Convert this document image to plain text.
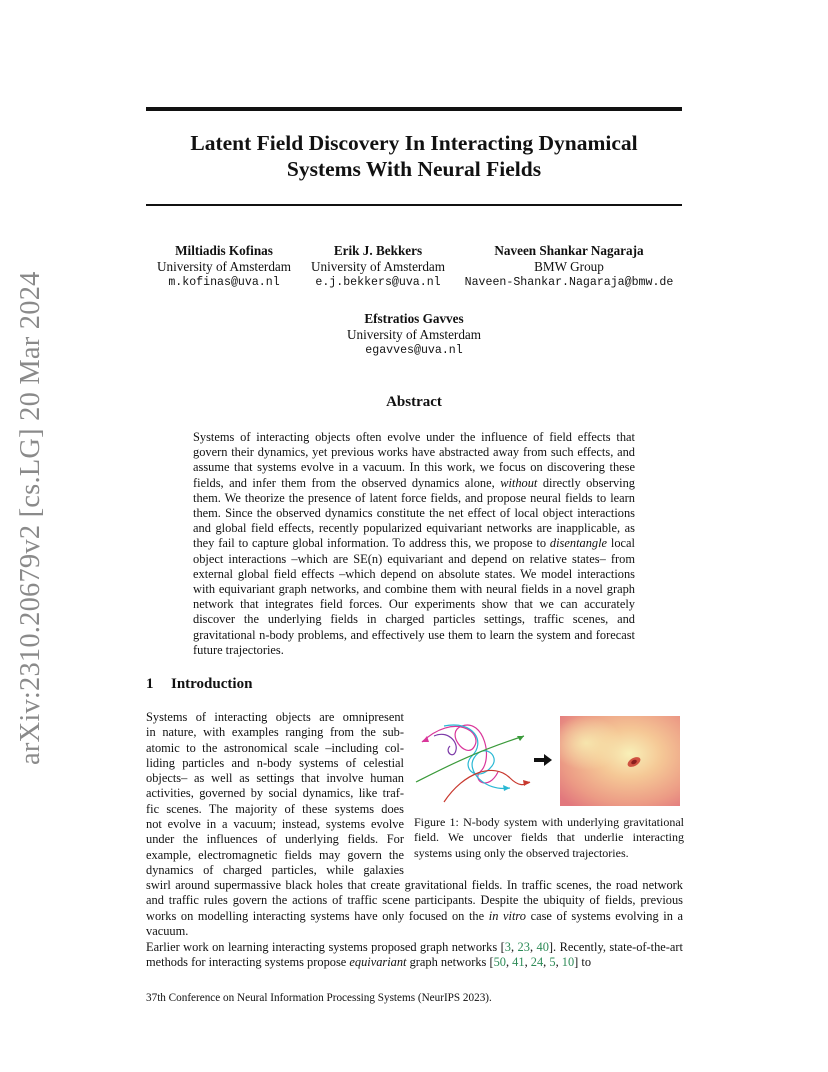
arXiv:2310.20679v2 [cs.LG] 20 Mar 2024
Latent Field Discovery In Interacting Dynamical
Systems With Neural Fields
Miltiadis Kofinas
University of Amsterdam
m.kofinas@uva.nl
Erik J. Bekkers
University of Amsterdam
e.j.bekkers@uva.nl
Naveen Shankar Nagaraja
BMW Group
Naveen-Shankar.Nagaraja@bmw.de
Efstratios Gavves
University of Amsterdam
egavves@uva.nl
Abstract

Systems of interacting objects often evolve under the influence of field effects that govern their dynamics, yet previous works have abstracted away from such effects, and assume that systems evolve in a vacuum. In this work, we focus on discovering these fields, and infer them from the observed dynamics alone, without directly observing them. We theorize the presence of latent force fields, and propose neural fields to learn them. Since the observed dynamics constitute the net effect of local object interactions and global field effects, recently popularized equivariant networks are inapplicable, as they fail to capture global information. To address this, we propose to disentangle local object interactions –which are SE(n) equivariant and depend on relative states– from external global field effects –which depend on absolute states. We model interactions with equivariant graph networks, and combine them with neural fields in a novel graph network that integrates field forces. Our experiments show that we can accurately discover the underlying fields in charged particles settings, traffic scenes, and gravitational n-body problems, and effectively use them to learn the system and forecast future trajectories.

1 Introduction
Systems of interacting objects are omnipresent
in nature, with examples ranging from the sub-
atomic to the astronomical scale –including col-
liding particles and n-body systems of celestial
objects– as well as settings that involve human
activities, governed by social dynamics, like traf-
fic scenes. The majority of these systems does
not evolve in a vacuum; instead, systems evolve
under the influences of underlying fields. For
example, electromagnetic fields may govern the
dynamics of charged particles, while galaxies
Figure 1: N-body system with underlying gravitational field. We uncover fields that underlie interacting systems using only the observed trajectories.

swirl around supermassive black holes that create gravitational fields. In traffic scenes, the road network and traffic rules govern the actions of traffic scene participants. Despite the ubiquity of fields, previous works on modelling interacting systems have only focused on the in vitro case of systems evolving in a vacuum.

Earlier work on learning interacting systems proposed graph networks [3, 23, 40]. Recently, state-of-the-art methods for interacting systems propose equivariant graph networks [50, 41, 24, 5, 10] to

37th Conference on Neural Information Processing Systems (NeurIPS 2023).
